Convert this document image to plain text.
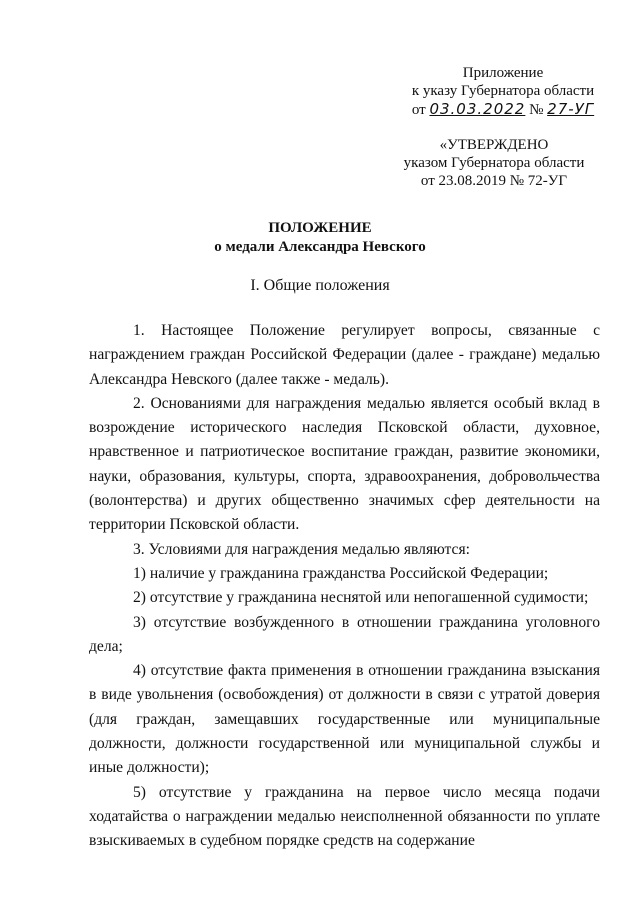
Приложение
к указу Губернатора области
от 03.03.2022 № 27-УГ
«УТВЕРЖДЕНО
указом Губернатора области
от 23.08.2019 № 72-УГ
ПОЛОЖЕНИЕ
о медали Александра Невского
I. Общие положения

1. Настоящее Положение регулирует вопросы, связанные с награждением граждан Российской Федерации (далее - граждане) медалью Александра Невского (далее также - медаль).

2. Основаниями для награждения медалью является особый вклад в возрождение исторического наследия Псковской области, духовное, нравственное и патриотическое воспитание граждан, развитие экономики, науки, образования, культуры, спорта, здравоохранения, добровольчества (волонтерства) и других общественно значимых сфер деятельности на территории Псковской области.

3. Условиями для награждения медалью являются:

1) наличие у гражданина гражданства Российской Федерации;

2) отсутствие у гражданина неснятой или непогашенной судимости;

3) отсутствие возбужденного в отношении гражданина уголовного дела;

4) отсутствие факта применения в отношении гражданина взыскания в виде увольнения (освобождения) от должности в связи с утратой доверия (для граждан, замещавших государственные или муниципальные должности, должности государственной или муниципальной службы и иные должности);

5) отсутствие у гражданина на первое число месяца подачи ходатайства о награждении медалью неисполненной обязанности по уплате взыскиваемых в судебном порядке средств на содержание
